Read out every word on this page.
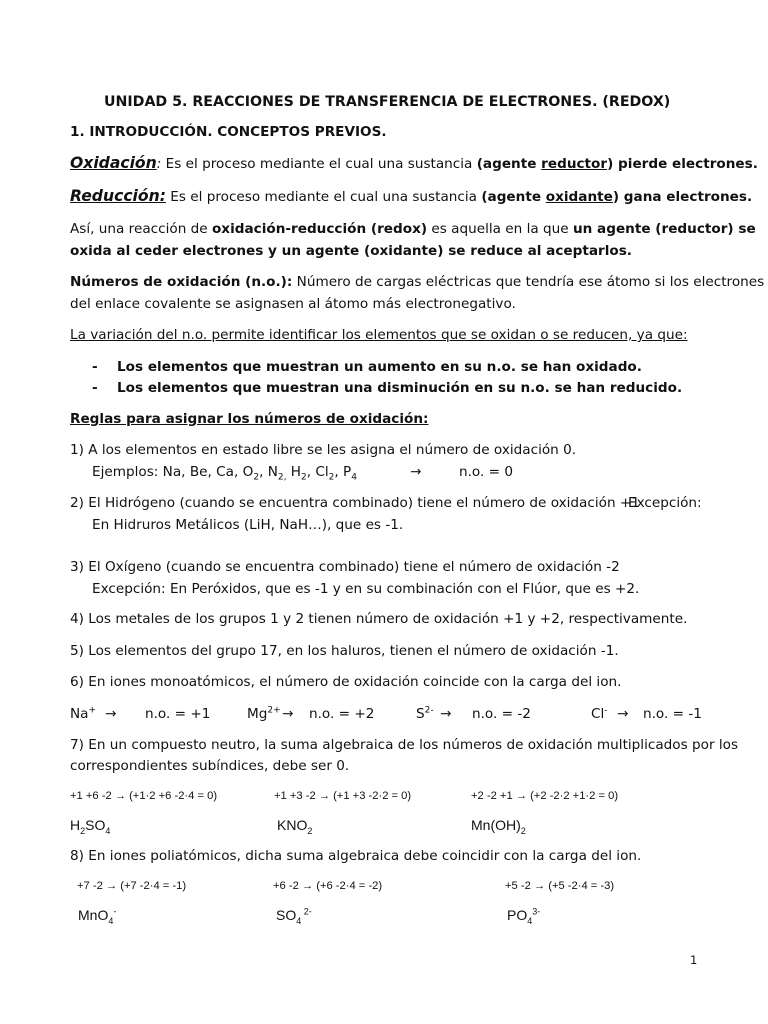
UNIDAD 5. REACCIONES DE TRANSFERENCIA DE ELECTRONES. (REDOX)
1. INTRODUCCIÓN. CONCEPTOS PREVIOS.
Oxidación: Es el proceso mediante el cual una sustancia (agente reductor) pierde electrones.
Reducción: Es el proceso mediante el cual una sustancia (agente oxidante) gana electrones.
Así, una reacción de oxidación-reducción (redox) es aquella en la que un agente (reductor) se
oxida al ceder electrones y un agente (oxidante) se reduce al aceptarlos.
Números de oxidación (n.o.): Número de cargas eléctricas que tendría ese átomo si los electrones
del enlace covalente se asignasen al átomo más electronegativo.
La variación del n.o. permite identificar los elementos que se oxidan o se reducen, ya que:
- Los elementos que muestran un aumento en su n.o. se han oxidado.
- Los elementos que muestran una disminución en su n.o. se han reducido.
Reglas para asignar los números de oxidación:
1) A los elementos en estado libre se les asigna el número de oxidación 0.
Ejemplos: Na, Be, Ca, $O_2$, $N_{2,}$ $H_2$, $Cl_2$, $P_4$	→	n.o. = 0
2) El Hidrógeno (cuando se encuentra combinado) tiene el número de oxidación +1
Excepción:
En Hidruros Metálicos (LiH, NaH…), que es -1.
3) El Oxígeno (cuando se encuentra combinado) tiene el número de oxidación -2
Excepción: En Peróxidos, que es -1 y en su combinación con el Flúor, que es +2.
4) Los metales de los grupos 1 y 2 tienen número de oxidación +1 y +2, respectivamente.
5) Los elementos del grupo 17, en los haluros, tienen el número de oxidación -1.
6) En iones monoatómicos, el número de oxidación coincide con la carga del ion.
Na+ → n.o. = +1	$Mg^{2+} \to n.o$. = +2	$S^{2-} \to n.o$. = -2	Cl- → n.o. = -1
7) En un compuesto neutro, la suma algebraica de los números de oxidación multiplicados por los
correspondientes subíndices, debe ser 0.
+1 +6 -2 → (+1·2 +6 -2·4 = 0)	+1 +3 -2 → (+1 +3 -2·2 = 0)	+2 -2 +1 → (+2 -2·2 +1·2 = 0)
$H_2SO_4$	$KNO_2$	$Mn(OH)_2$
8) En iones poliatómicos, dicha suma algebraica debe coincidir con la carga del ion.
+7 -2 → (+7 -2·4 = -1)	+6 -2 → (+6 -2·4 = -2)	+5 -2 → (+5 -2·4 = -3)
MnO$_4$-	$SO_4$ $^{2-}$	$PO_4^{3-}$
1
